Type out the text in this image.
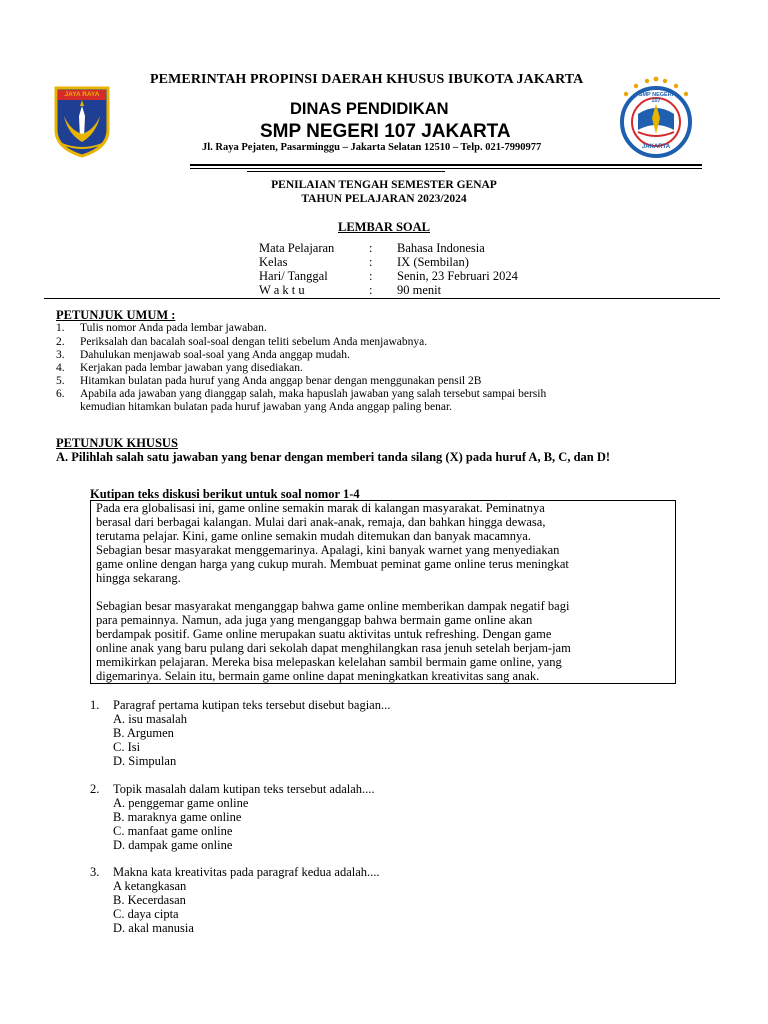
JAYA RAYA
PEMERINTAH PROPINSI DAERAH KHUSUS IBUKOTA JAKARTA
DINAS PENDIDIKAN
SMP NEGERI 107 JAKARTA
Jl. Raya Pejaten, Pasarminggu – Jakarta Selatan 12510 – Telp. 021-7990977
SMP NEGERI 107
JAKARTA
PENILAIAN TENGAH SEMESTER GENAP
TAHUN PELAJARAN 2023/2024
LEMBAR SOAL
Mata Pelajaran	: Bahasa Indonesia
Kelas	: IX (Sembilan)
Hari/ Tanggal	: Senin, 23 Februari 2024
W a k t u	: 90 menit
PETUNJUK UMUM :
1. Tulis nomor Anda pada lembar jawaban.
2. Periksalah dan bacalah soal-soal dengan teliti sebelum Anda menjawabnya.
3. Dahulukan menjawab soal-soal yang Anda anggap mudah.
4. Kerjakan pada lembar jawaban yang disediakan.
5. Hitamkan bulatan pada huruf yang Anda anggap benar dengan menggunakan pensil 2B
6. Apabila ada jawaban yang dianggap salah, maka hapuslah jawaban yang salah tersebut sampai bersih
kemudian hitamkan bulatan pada huruf jawaban yang Anda anggap paling benar.
PETUNJUK KHUSUS
A. Pilihlah salah satu jawaban yang benar dengan memberi tanda silang (X) pada huruf A, B, C, dan D!
Kutipan teks diskusi berikut untuk soal nomor 1-4
Pada era globalisasi ini, game online semakin marak di kalangan masyarakat. Peminatnya
berasal dari berbagai kalangan. Mulai dari anak-anak, remaja, dan bahkan hingga dewasa,
terutama pelajar. Kini, game online semakin mudah ditemukan dan banyak macamnya.
Sebagian besar masyarakat menggemarinya. Apalagi, kini banyak warnet yang menyediakan
game online dengan harga yang cukup murah. Membuat peminat game online terus meningkat
hingga sekarang.
Sebagian besar masyarakat menganggap bahwa game online memberikan dampak negatif bagi
para pemainnya. Namun, ada juga yang menganggap bahwa bermain game online akan
berdampak positif. Game online merupakan suatu aktivitas untuk refreshing. Dengan game
online anak yang baru pulang dari sekolah dapat menghilangkan rasa jenuh setelah berjam-jam
memikirkan pelajaran. Mereka bisa melepaskan kelelahan sambil bermain game online, yang
digemarinya. Selain itu, bermain game online dapat meningkatkan kreativitas sang anak.
1. Paragraf pertama kutipan teks tersebut disebut bagian...
A. isu masalah
B. Argumen
C. Isi
D. Simpulan
2. Topik masalah dalam kutipan teks tersebut adalah....
A. penggemar game online
B. maraknya game online
C. manfaat game online
D. dampak game online
3. Makna kata kreativitas pada paragraf kedua adalah....
A ketangkasan
B. Kecerdasan
C. daya cipta
D. akal manusia
